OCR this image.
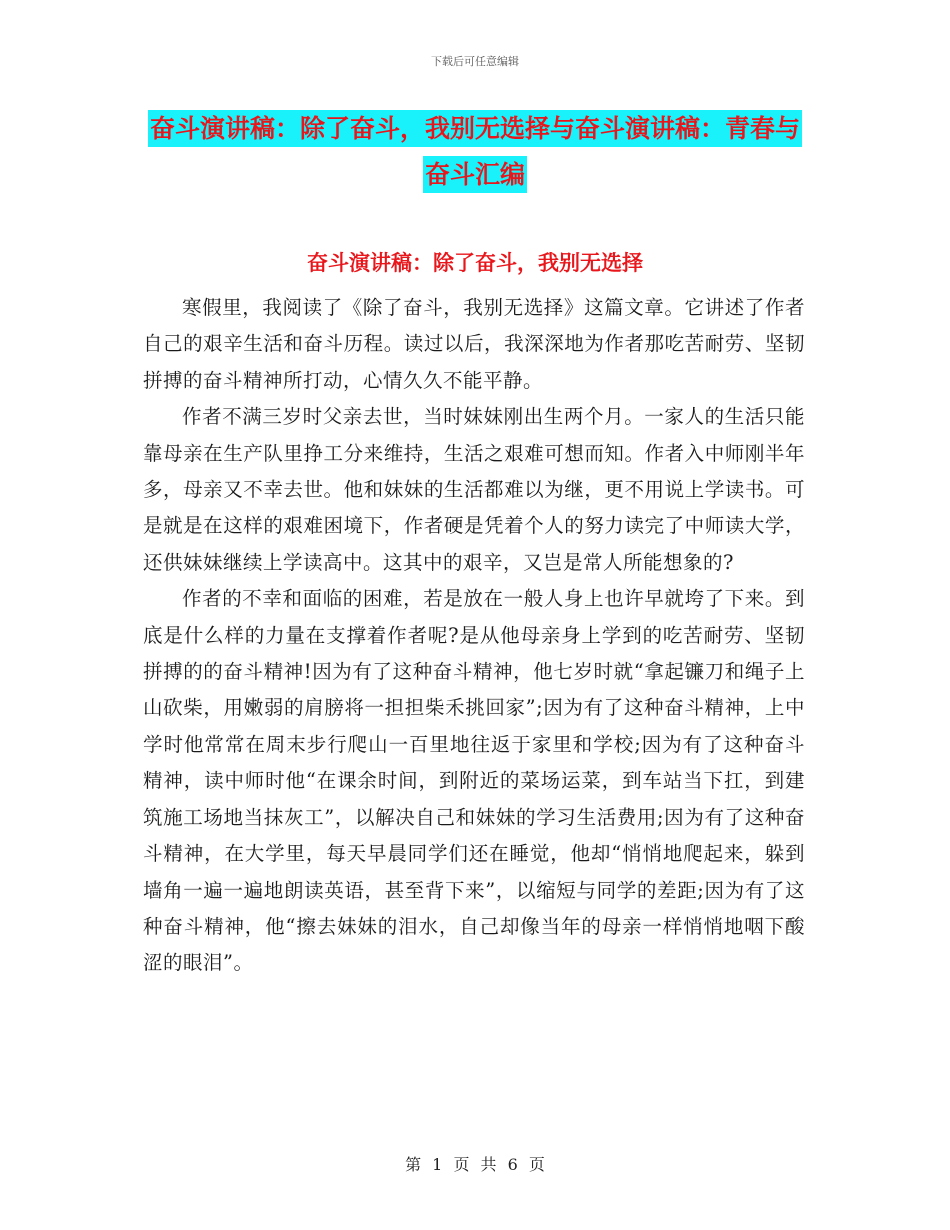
下载后可任意编辑
奋斗演讲稿：除了奋斗，我别无选择与奋斗演讲稿：青春与奋斗汇编
奋斗演讲稿：除了奋斗，我别无选择

寒假里，我阅读了《除了奋斗，我别无选择》这篇文章。它讲述了作者自己的艰辛生活和奋斗历程。读过以后，我深深地为作者那吃苦耐劳、坚韧拼搏的奋斗精神所打动，心情久久不能平静。

作者不满三岁时父亲去世，当时妹妹刚出生两个月。一家人的生活只能靠母亲在生产队里挣工分来维持，生活之艰难可想而知。作者入中师刚半年多，母亲又不幸去世。他和妹妹的生活都难以为继，更不用说上学读书。可是就是在这样的艰难困境下，作者硬是凭着个人的努力读完了中师读大学，还供妹妹继续上学读高中。这其中的艰辛，又岂是常人所能想象的?

作者的不幸和面临的困难，若是放在一般人身上也许早就垮了下来。到底是什么样的力量在支撑着作者呢?是从他母亲身上学到的吃苦耐劳、坚韧拼搏的的奋斗精神!因为有了这种奋斗精神，他七岁时就“拿起镰刀和绳子上山砍柴，用嫩弱的肩膀将一担担柴禾挑回家”;因为有了这种奋斗精神，上中学时他常常在周末步行爬山一百里地往返于家里和学校;因为有了这种奋斗精神，读中师时他“在课余时间，到附近的菜场运菜，到车站当下扛，到建筑施工场地当抹灰工”，以解决自己和妹妹的学习生活费用;因为有了这种奋斗精神，在大学里，每天早晨同学们还在睡觉，他却“悄悄地爬起来，躲到墙角一遍一遍地朗读英语，甚至背下来”，以缩短与同学的差距;因为有了这种奋斗精神，他“擦去妹妹的泪水，自己却像当年的母亲一样悄悄地咽下酸涩的眼泪”。

第 1 页 共 6 页
